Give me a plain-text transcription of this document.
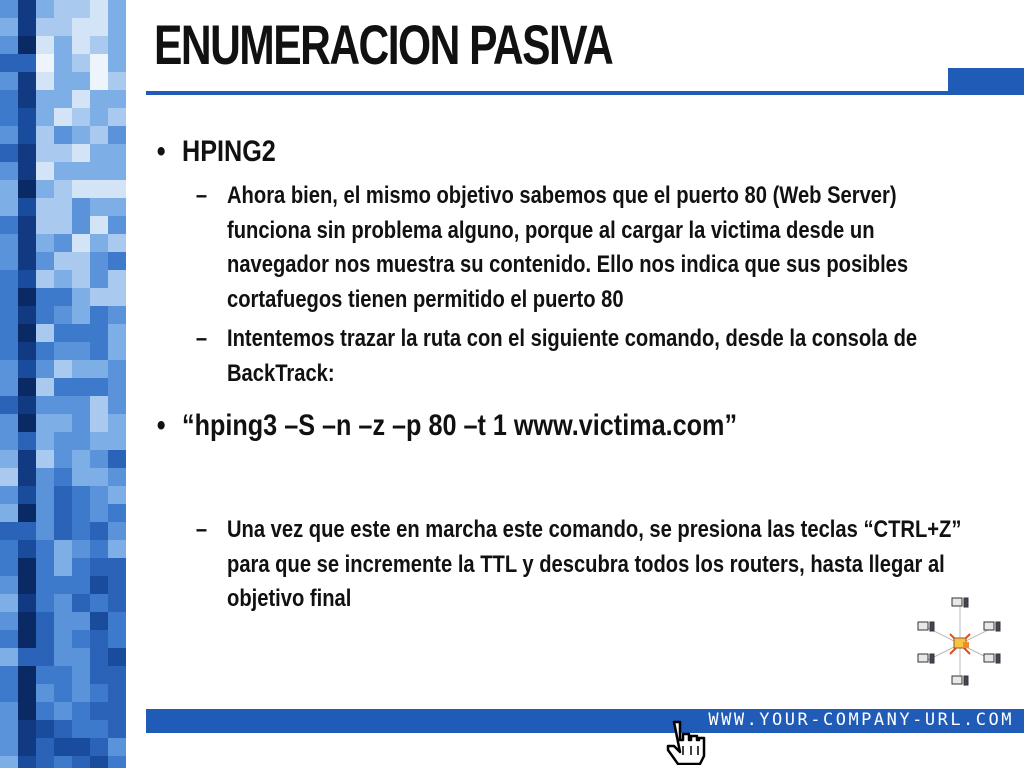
ENUMERACION PASIVA
• HPING2
– Ahora bien, el mismo objetivo sabemos que el puerto 80 (Web Server) funciona sin problema alguno, porque al cargar la victima desde un navegador nos muestra su contenido. Ello nos indica que sus posibles cortafuegos tienen permitido el puerto 80
– Intentemos trazar la ruta con el siguiente comando, desde la consola de BackTrack:
• “hping3 –S –n –z –p 80 –t 1 www.victima.com”
– Una vez que este en marcha este comando, se presiona las teclas “CTRL+Z” para que se incremente la TTL y descubra todos los routers, hasta llegar al objetivo final
WWW.YOUR-COMPANY-URL.COM
